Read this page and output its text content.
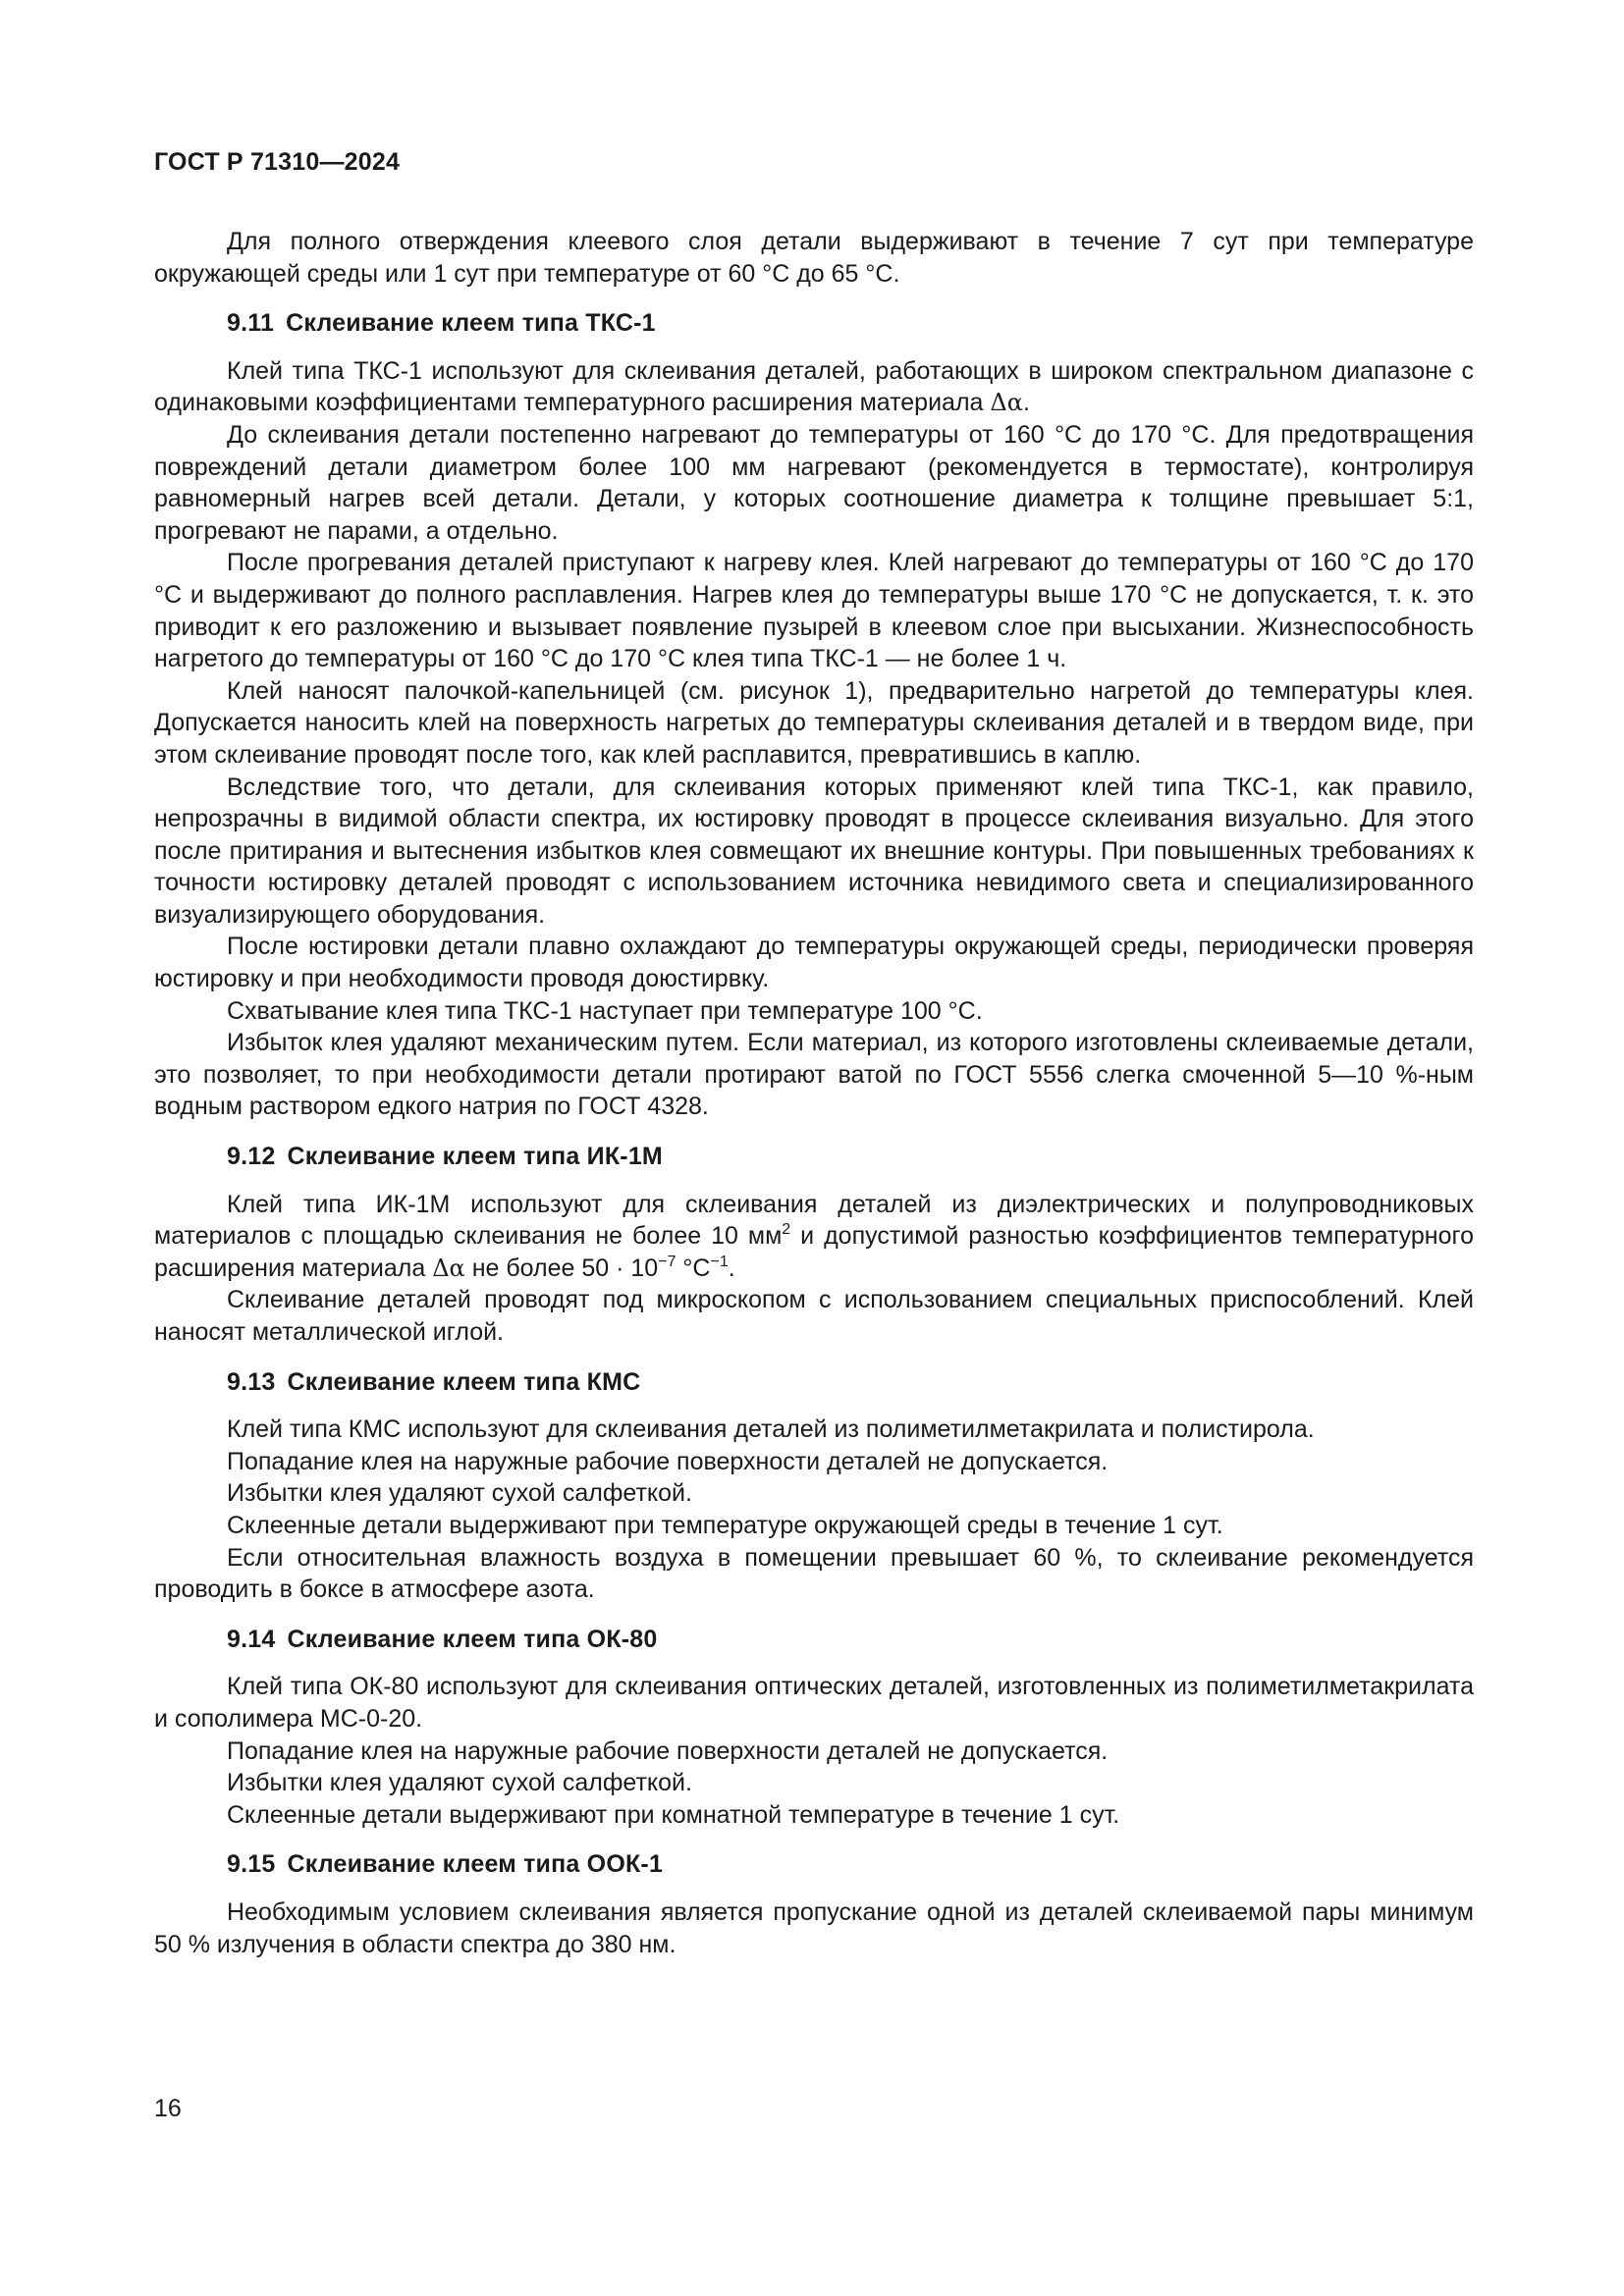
ГОСТ Р 71310—2024

Для полного отверждения клеевого слоя детали выдерживают в течение 7 сут при температуре окружающей среды или 1 сут при температуре от 60 °С до 65 °С.

9.11 Склеивание клеем типа ТКС-1

Клей типа ТКС-1 используют для склеивания деталей, работающих в широком спектральном диапазоне с одинаковыми коэффициентами температурного расширения материала Δα.

До склеивания детали постепенно нагревают до температуры от 160 °С до 170 °С. Для предотвращения повреждений детали диаметром более 100 мм нагревают (рекомендуется в термостате), контролируя равномерный нагрев всей детали. Детали, у которых соотношение диаметра к толщине превышает 5:1, прогревают не парами, а отдельно.

После прогревания деталей приступают к нагреву клея. Клей нагревают до температуры от 160 °С до 170 °С и выдерживают до полного расплавления. Нагрев клея до температуры выше 170 °С не допускается, т. к. это приводит к его разложению и вызывает появление пузырей в клеевом слое при высыхании. Жизнеспособность нагретого до температуры от 160 °С до 170 °С клея типа ТКС-1 — не более 1 ч.

Клей наносят палочкой-капельницей (см. рисунок 1), предварительно нагретой до температуры клея. Допускается наносить клей на поверхность нагретых до температуры склеивания деталей и в твердом виде, при этом склеивание проводят после того, как клей расплавится, превратившись в каплю.

Вследствие того, что детали, для склеивания которых применяют клей типа ТКС-1, как правило, непрозрачны в видимой области спектра, их юстировку проводят в процессе склеивания визуально. Для этого после притирания и вытеснения избытков клея совмещают их внешние контуры. При повышенных требованиях к точности юстировку деталей проводят с использованием источника невидимого света и специализированного визуализирующего оборудования.

После юстировки детали плавно охлаждают до температуры окружающей среды, периодически проверяя юстировку и при необходимости проводя доюстирвку.

Схватывание клея типа ТКС-1 наступает при температуре 100 °С.

Избыток клея удаляют механическим путем. Если материал, из которого изготовлены склеиваемые детали, это позволяет, то при необходимости детали протирают ватой по ГОСТ 5556 слегка смоченной 5—10 %-ным водным раствором едкого натрия по ГОСТ 4328.

9.12 Склеивание клеем типа ИК-1М

Клей типа ИК-1М используют для склеивания деталей из диэлектрических и полупроводниковых материалов с площадью склеивания не более 10 $мм^2$ и допустимой разностью коэффициентов температурного расширения материала Δα не более $50 \cdot 10^{-7}$ $^\circ С^{-1}$.

Склеивание деталей проводят под микроскопом с использованием специальных приспособлений. Клей наносят металлической иглой.

9.13 Склеивание клеем типа КМС

Клей типа КМС используют для склеивания деталей из полиметилметакрилата и полистирола.

Попадание клея на наружные рабочие поверхности деталей не допускается.

Избытки клея удаляют сухой салфеткой.

Склеенные детали выдерживают при температуре окружающей среды в течение 1 сут.

Если относительная влажность воздуха в помещении превышает 60 %, то склеивание рекомендуется проводить в боксе в атмосфере азота.

9.14 Склеивание клеем типа ОК-80

Клей типа ОК-80 используют для склеивания оптических деталей, изготовленных из полиметилметакрилата и сополимера МС-0-20.

Попадание клея на наружные рабочие поверхности деталей не допускается.

Избытки клея удаляют сухой салфеткой.

Склеенные детали выдерживают при комнатной температуре в течение 1 сут.

9.15 Склеивание клеем типа ООК-1

Необходимым условием склеивания является пропускание одной из деталей склеиваемой пары минимум 50 % излучения в области спектра до 380 нм.

16
